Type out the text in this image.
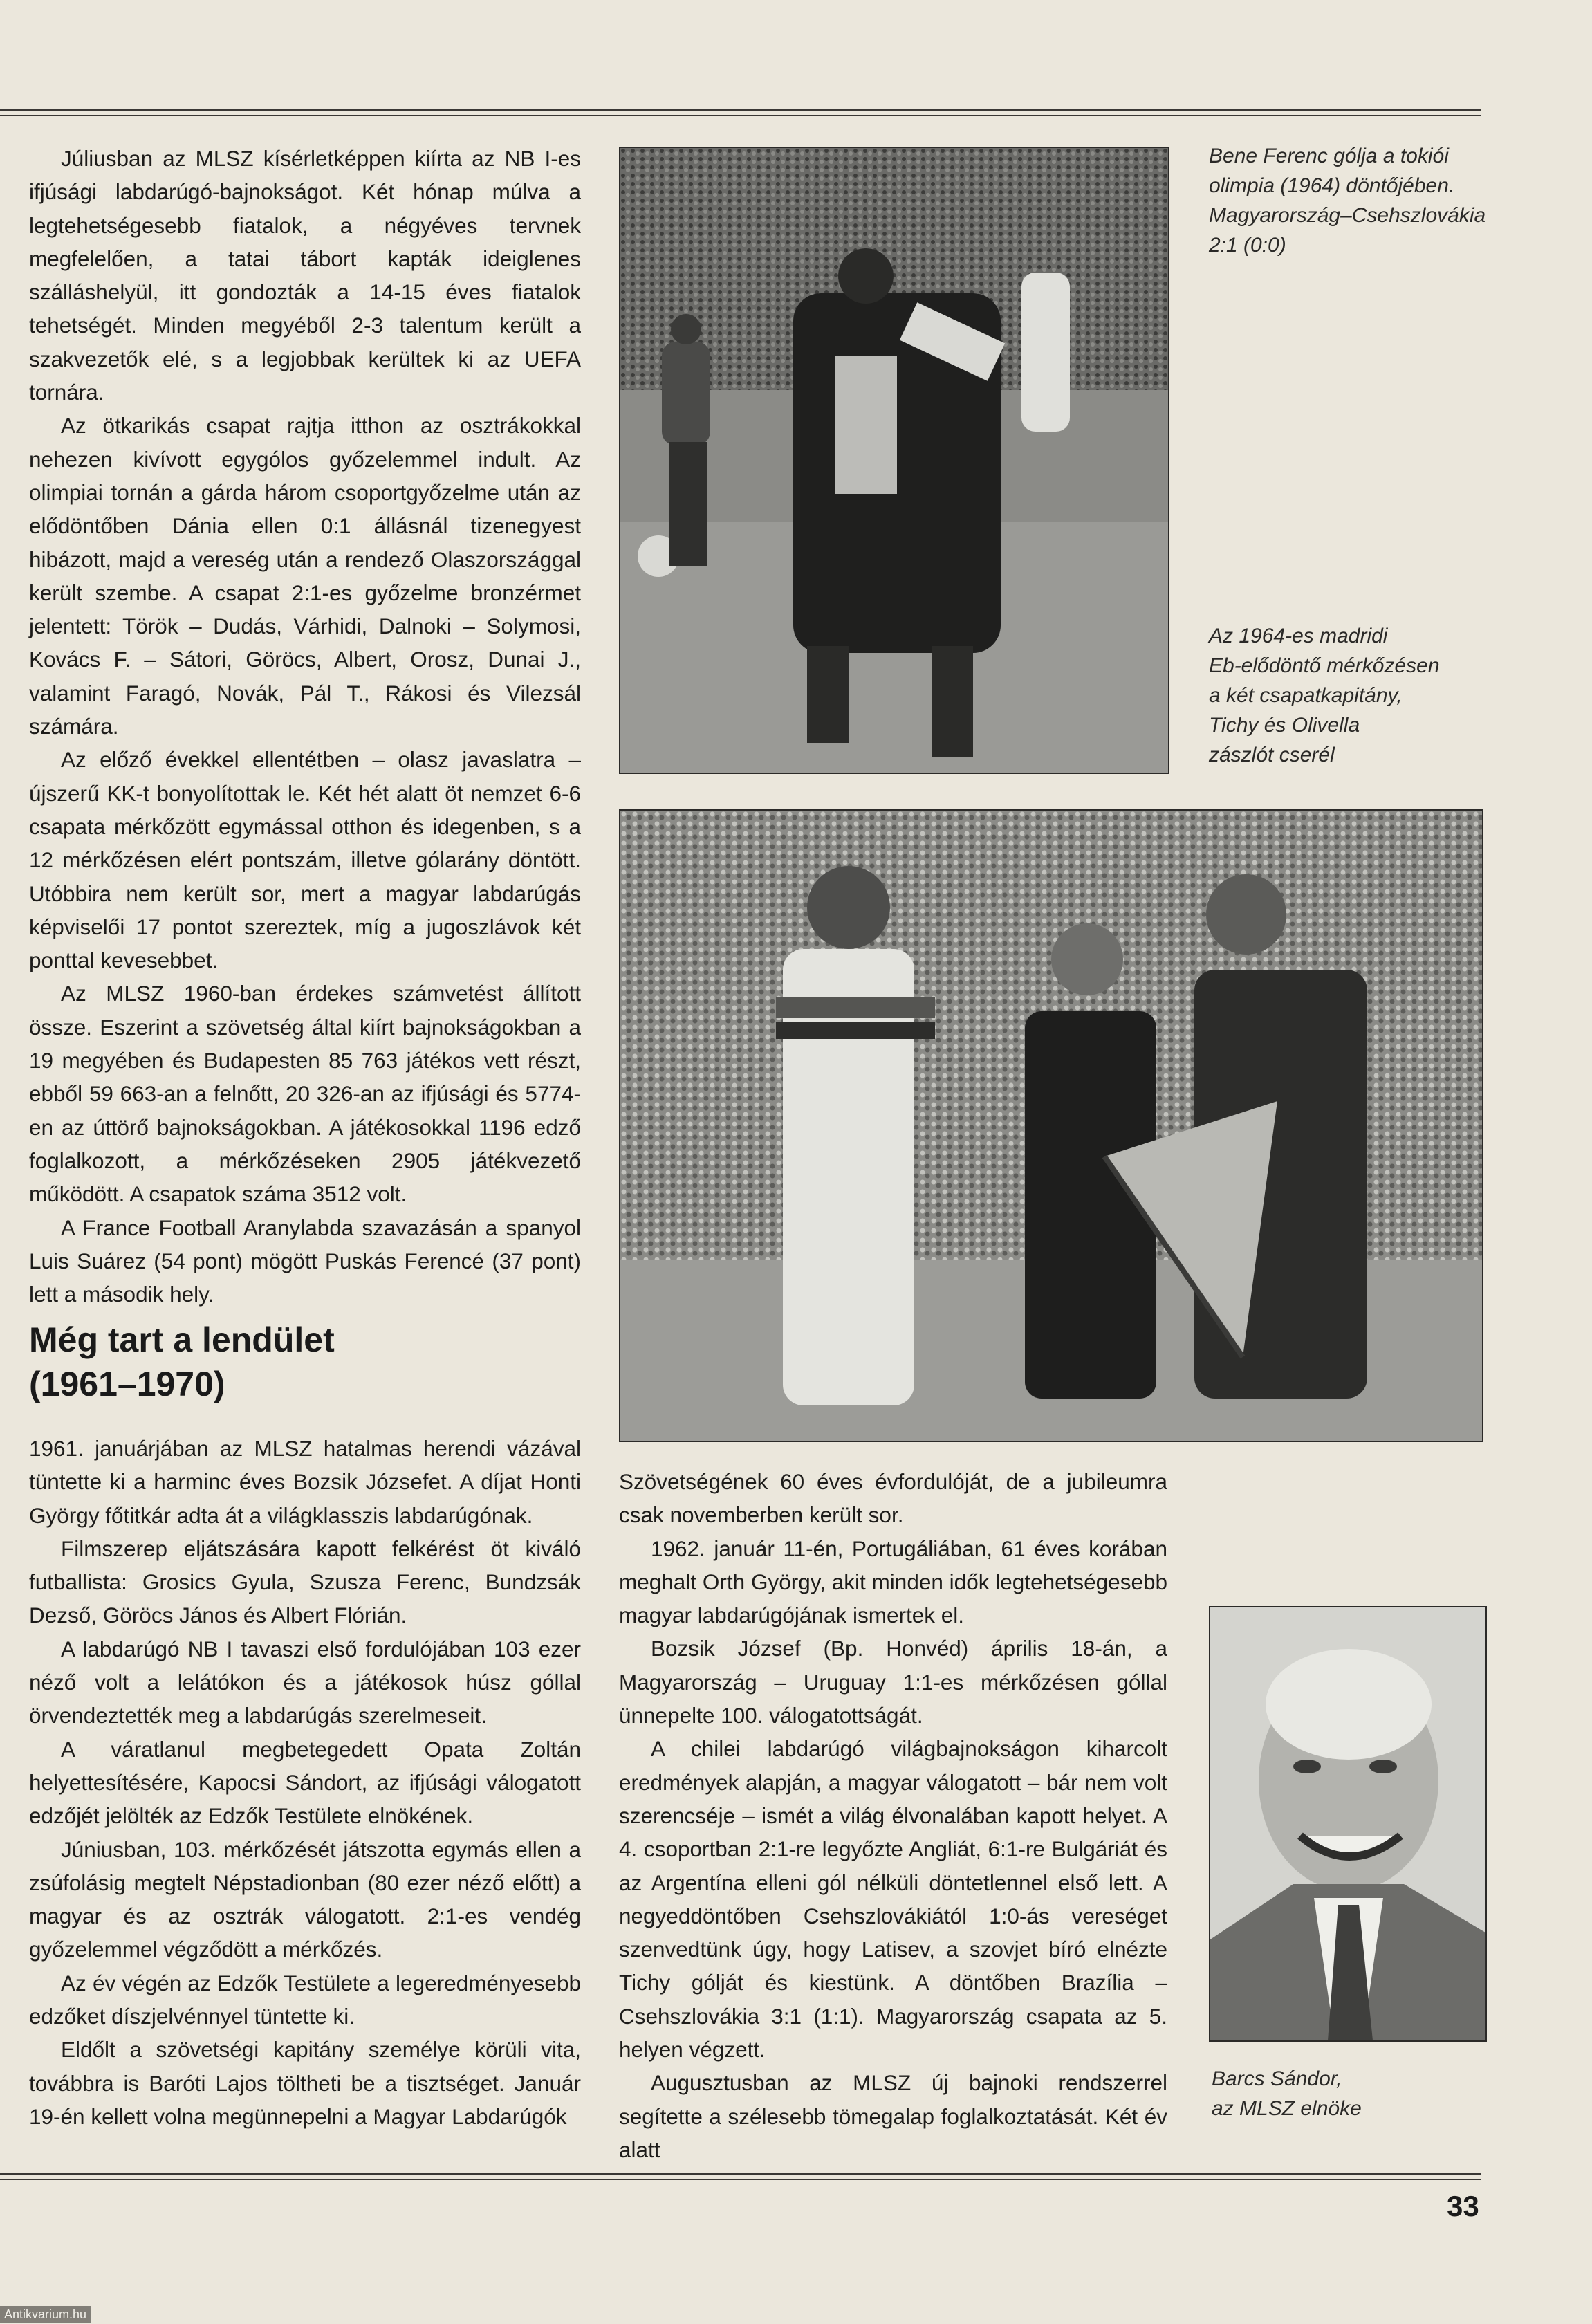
Júliusban az MLSZ kísérletképpen kiírta az NB I-es ifjúsági labdarúgó-bajnokságot. Két hónap múlva a legtehetségesebb fiatalok, a négyéves tervnek megfelelően, a tatai tábort kapták ideiglenes szálláshelyül, itt gondozták a 14-15 éves fiatalok tehetségét. Minden megyéből 2-3 talentum került a szakvezetők elé, s a legjobbak kerültek ki az UEFA tornára.

Az ötkarikás csapat rajtja itthon az osztrákokkal nehezen kivívott egygólos győzelemmel indult. Az olimpiai tornán a gárda három csoportgyőzelme után az elődöntőben Dánia ellen 0:1 állásnál tizenegyest hibázott, majd a vereség után a rendező Olaszországgal került szembe. A csapat 2:1-es győzelme bronzérmet jelentett: Török – Dudás, Várhidi, Dalnoki – Solymosi, Kovács F. – Sátori, Göröcs, Albert, Orosz, Dunai J., valamint Faragó, Novák, Pál T., Rákosi és Vilezsál számára.

Az előző évekkel ellentétben – olasz javaslatra – újszerű KK-t bonyolítottak le. Két hét alatt öt nemzet 6-6 csapata mérkőzött egymással otthon és idegenben, s a 12 mérkőzésen elért pontszám, illetve gólarány döntött. Utóbbira nem került sor, mert a magyar labdarúgás képviselői 17 pontot szereztek, míg a jugoszlávok két ponttal kevesebbet.

Az MLSZ 1960-ban érdekes számvetést állított össze. Eszerint a szövetség által kiírt bajnokságokban a 19 megyében és Budapesten 85 763 játékos vett részt, ebből 59 663-an a felnőtt, 20 326-an az ifjúsági és 5774-en az úttörő bajnokságokban. A játékosokkal 1196 edző foglalkozott, a mérkőzéseken 2905 játékvezető működött. A csapatok száma 3512 volt.

A France Football Aranylabda szavazásán a spanyol Luis Suárez (54 pont) mögött Puskás Ferencé (37 pont) lett a második hely.

Még tart a lendület
(1961–1970)

1961. januárjában az MLSZ hatalmas herendi vázával tüntette ki a harminc éves Bozsik Józsefet. A díjat Honti György főtitkár adta át a világklasszis labdarúgónak.

Filmszerep eljátszására kapott felkérést öt kiváló futballista: Grosics Gyula, Szusza Ferenc, Bundzsák Dezső, Göröcs János és Albert Flórián.

A labdarúgó NB I tavaszi első fordulójában 103 ezer néző volt a lelátókon és a játékosok húsz góllal örvendeztették meg a labdarúgás szerelmeseit.

A váratlanul megbetegedett Opata Zoltán helyettesítésére, Kapocsi Sándort, az ifjúsági válogatott edzőjét jelölték az Edzők Testülete elnökének.

Júniusban, 103. mérkőzését játszotta egymás ellen a zsúfolásig megtelt Népstadionban (80 ezer néző előtt) a magyar és az osztrák válogatott. 2:1-es vendég győzelemmel végződött a mérkőzés.

Az év végén az Edzők Testülete a legeredményesebb edzőket díszjelvénnyel tüntette ki.

Eldőlt a szövetségi kapitány személye körüli vita, továbbra is Baróti Lajos töltheti be a tisztséget. Január 19-én kellett volna megünnepelni a Magyar Labdarúgók

Szövetségének 60 éves évfordulóját, de a jubileumra csak novemberben került sor.

1962. január 11-én, Portugáliában, 61 éves korában meghalt Orth György, akit minden idők legtehetségesebb magyar labdarúgójának ismertek el.

Bozsik József (Bp. Honvéd) április 18-án, a Magyarország – Uruguay 1:1-es mérkőzésen góllal ünnepelte 100. válogatottságát.

A chilei labdarúgó világbajnokságon kiharcolt eredmények alapján, a magyar válogatott – bár nem volt szerencséje – ismét a világ élvonalában kapott helyet. A 4. csoportban 2:1-re legyőzte Angliát, 6:1-re Bulgáriát és az Argentína elleni gól nélküli döntetlennel első lett. A negyeddöntőben Csehszlovákiától 1:0-ás vereséget szenvedtünk úgy, hogy Latisev, a szovjet bíró elnézte Tichy gólját és kiestünk. A döntőben Brazília – Csehszlovákia 3:1 (1:1). Magyarország csapata az 5. helyen végzett.

Augusztusban az MLSZ új bajnoki rendszerrel segítette a szélesebb tömegalap foglalkoztatását. Két év alatt

Bene Ferenc gólja a tokiói
olimpia (1964) döntőjében.
Magyarország–Csehszlovákia
2:1 (0:0)
Az 1964-es madridi
Eb-elődöntő mérkőzésen
a két csapatkapitány,
Tichy és Olivella
zászlót cserél
Barcs Sándor,
az MLSZ elnöke
33
Antikvarium.hu
